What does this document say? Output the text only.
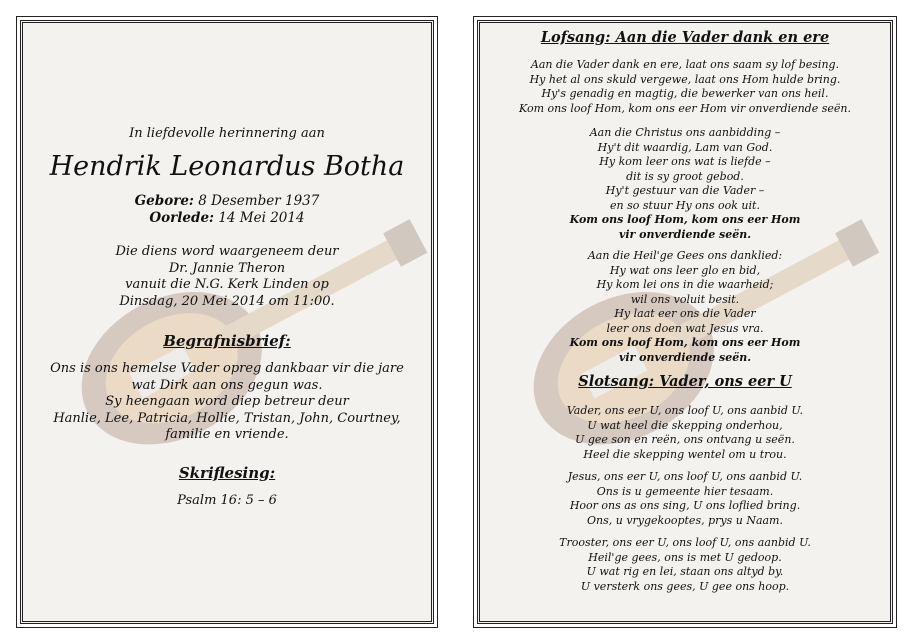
In liefdevolle herinnering aan
Hendrik Leonardus Botha
Gebore: 8 Desember 1937
Oorlede: 14 Mei 2014
Die diens word waargeneem deur
Dr. Jannie Theron
vanuit die N.G. Kerk Linden op
Dinsdag, 20 Mei 2014 om 11:00.
Begrafnisbrief:
Ons is ons hemelse Vader opreg dankbaar vir die jare
wat Dirk aan ons gegun was.
Sy heengaan word diep betreur deur
Hanlie, Lee, Patricia, Hollie, Tristan, John, Courtney,
familie en vriende.
Skriflesing:
Psalm 16: 5 – 6
Lofsang: Aan die Vader dank en ere
Aan die Vader dank en ere, laat ons saam sy lof besing.
Hy het al ons skuld vergewe, laat ons Hom hulde bring.
Hy's genadig en magtig, die bewerker van ons heil.
Kom ons loof Hom, kom ons eer Hom vir onverdiende seën.
Aan die Christus ons aanbidding –
Hy't dit waardig, Lam van God.
Hy kom leer ons wat is liefde –
dit is sy groot gebod.
Hy't gestuur van die Vader –
en so stuur Hy ons ook uit.
Kom ons loof Hom, kom ons eer Hom
vir onverdiende seën.
Aan die Heil'ge Gees ons danklied:
Hy wat ons leer glo en bid,
Hy kom lei ons in die waarheid;
wil ons voluit besit.
Hy laat eer ons die Vader
leer ons doen wat Jesus vra.
Kom ons loof Hom, kom ons eer Hom
vir onverdiende seën.
Slotsang: Vader, ons eer U
Vader, ons eer U, ons loof U, ons aanbid U.
U wat heel die skepping onderhou,
U gee son en reën, ons ontvang u seën.
Heel die skepping wentel om u trou.
Jesus, ons eer U, ons loof U, ons aanbid U.
Ons is u gemeente hier tesaam.
Hoor ons as ons sing, U ons loflied bring.
Ons, u vrygekooptes, prys u Naam.
Trooster, ons eer U, ons loof U, ons aanbid U.
Heil'ge gees, ons is met U gedoop.
U wat rig en lei, staan ons altyd by.
U versterk ons gees, U gee ons hoop.
